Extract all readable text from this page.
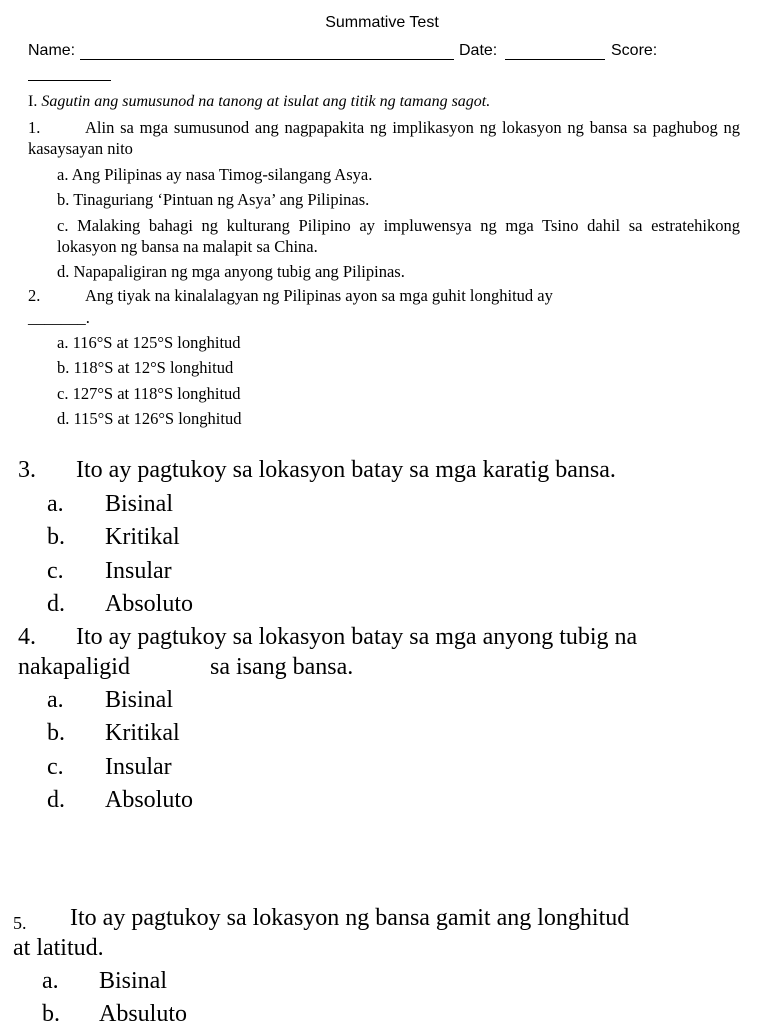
Summative Test
Name:	Date:	Score:
I. Sagutin ang sumusunod na tanong at isulat ang titik ng tamang sagot.
1.	Alin sa mga sumusunod ang nagpapakita ng implikasyon ng lokasyon ng bansa sa paghubog ng kasaysayan nito
a. Ang Pilipinas ay nasa Timog-silangang Asya.
b. Tinaguriang ‘Pintuan ng Asya’ ang Pilipinas.
c. Malaking bahagi ng kulturang Pilipino ay impluwensya ng mga Tsino dahil sa estratehikong lokasyon ng bansa na malapit sa China.
d. Napapaligiran ng mga anyong tubig ang Pilipinas.
2.	Ang tiyak na kinalalagyan ng Pilipinas ayon sa mga guhit longhitud ay
_______.
a. 116°S at 125°S longhitud
b. 118°S at 12°S longhitud
c. 127°S at 118°S longhitud
d. 115°S at 126°S longhitud
3. Ito ay pagtukoy sa lokasyon batay sa mga karatig bansa.
a. Bisinal
b. Kritikal
c. Insular
d. Absoluto
4. Ito ay pagtukoy sa lokasyon batay sa mga anyong tubig na
nakapaligid	sa isang bansa.
a. Bisinal
b. Kritikal
c. Insular
d. Absoluto
5. Ito ay pagtukoy sa lokasyon ng bansa gamit ang longhitud
at latitud.
a. Bisinal
b. Absuluto
